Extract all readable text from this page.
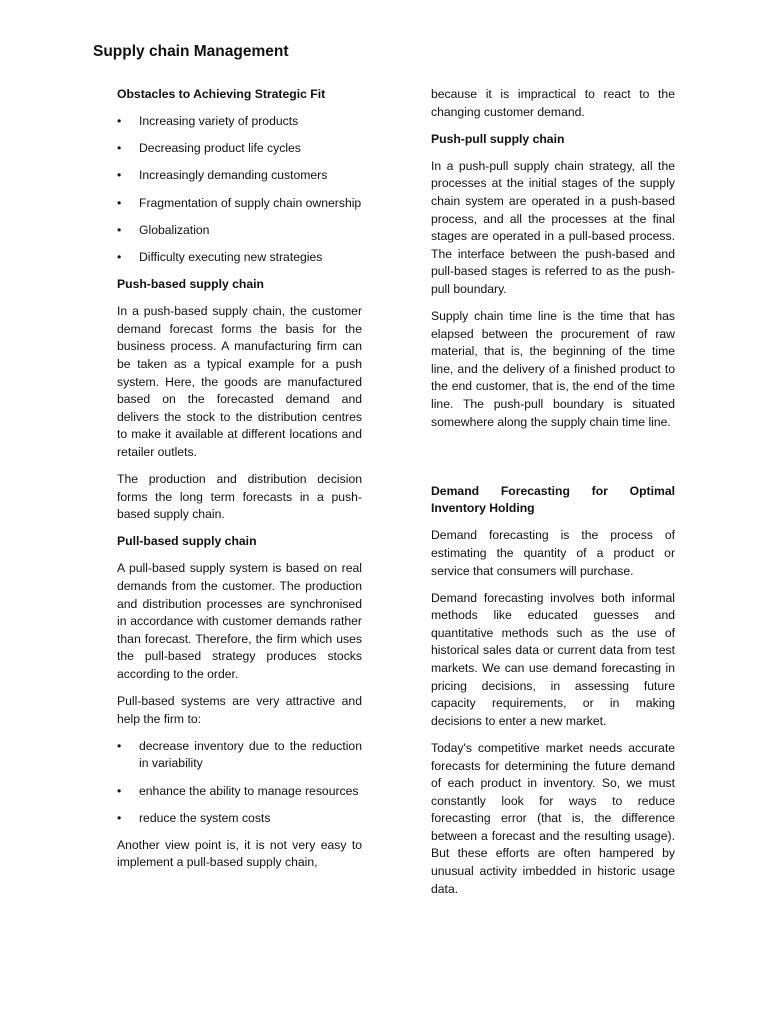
Supply chain Management
Obstacles to Achieving Strategic Fit
• Increasing variety of products
• Decreasing product life cycles
• Increasingly demanding customers
• Fragmentation of supply chain ownership
• Globalization
• Difficulty executing new strategies
Push-based supply chain

In a push-based supply chain, the customer demand forecast forms the basis for the business process. A manufacturing firm can be taken as a typical example for a push system. Here, the goods are manufactured based on the forecasted demand and delivers the stock to the distribution centres to make it available at different locations and retailer outlets.

The production and distribution decision forms the long term forecasts in a push-based supply chain.

Pull-based supply chain

A pull-based supply system is based on real demands from the customer. The production and distribution processes are synchronised in accordance with customer demands rather than forecast. Therefore, the firm which uses the pull-based strategy produces stocks according to the order.

Pull-based systems are very attractive and help the firm to:

• decrease inventory due to the reduction in variability
• enhance the ability to manage resources
• reduce the system costs

Another view point is, it is not very easy to implement a pull-based supply chain,

because it is impractical to react to the changing customer demand.

Push-pull supply chain

In a push-pull supply chain strategy, all the processes at the initial stages of the supply chain system are operated in a push-based process, and all the processes at the final stages are operated in a pull-based process. The interface between the push-based and pull-based stages is referred to as the push-pull boundary.

Supply chain time line is the time that has elapsed between the procurement of raw material, that is, the beginning of the time line, and the delivery of a finished product to the end customer, that is, the end of the time line. The push-pull boundary is situated somewhere along the supply chain time line.

Demand Forecasting for Optimal Inventory Holding

Demand forecasting is the process of estimating the quantity of a product or service that consumers will purchase.

Demand forecasting involves both informal methods like educated guesses and quantitative methods such as the use of historical sales data or current data from test markets. We can use demand forecasting in pricing decisions, in assessing future capacity requirements, or in making decisions to enter a new market.

Today's competitive market needs accurate forecasts for determining the future demand of each product in inventory. So, we must constantly look for ways to reduce forecasting error (that is, the difference between a forecast and the resulting usage). But these efforts are often hampered by unusual activity imbedded in historic usage data.
